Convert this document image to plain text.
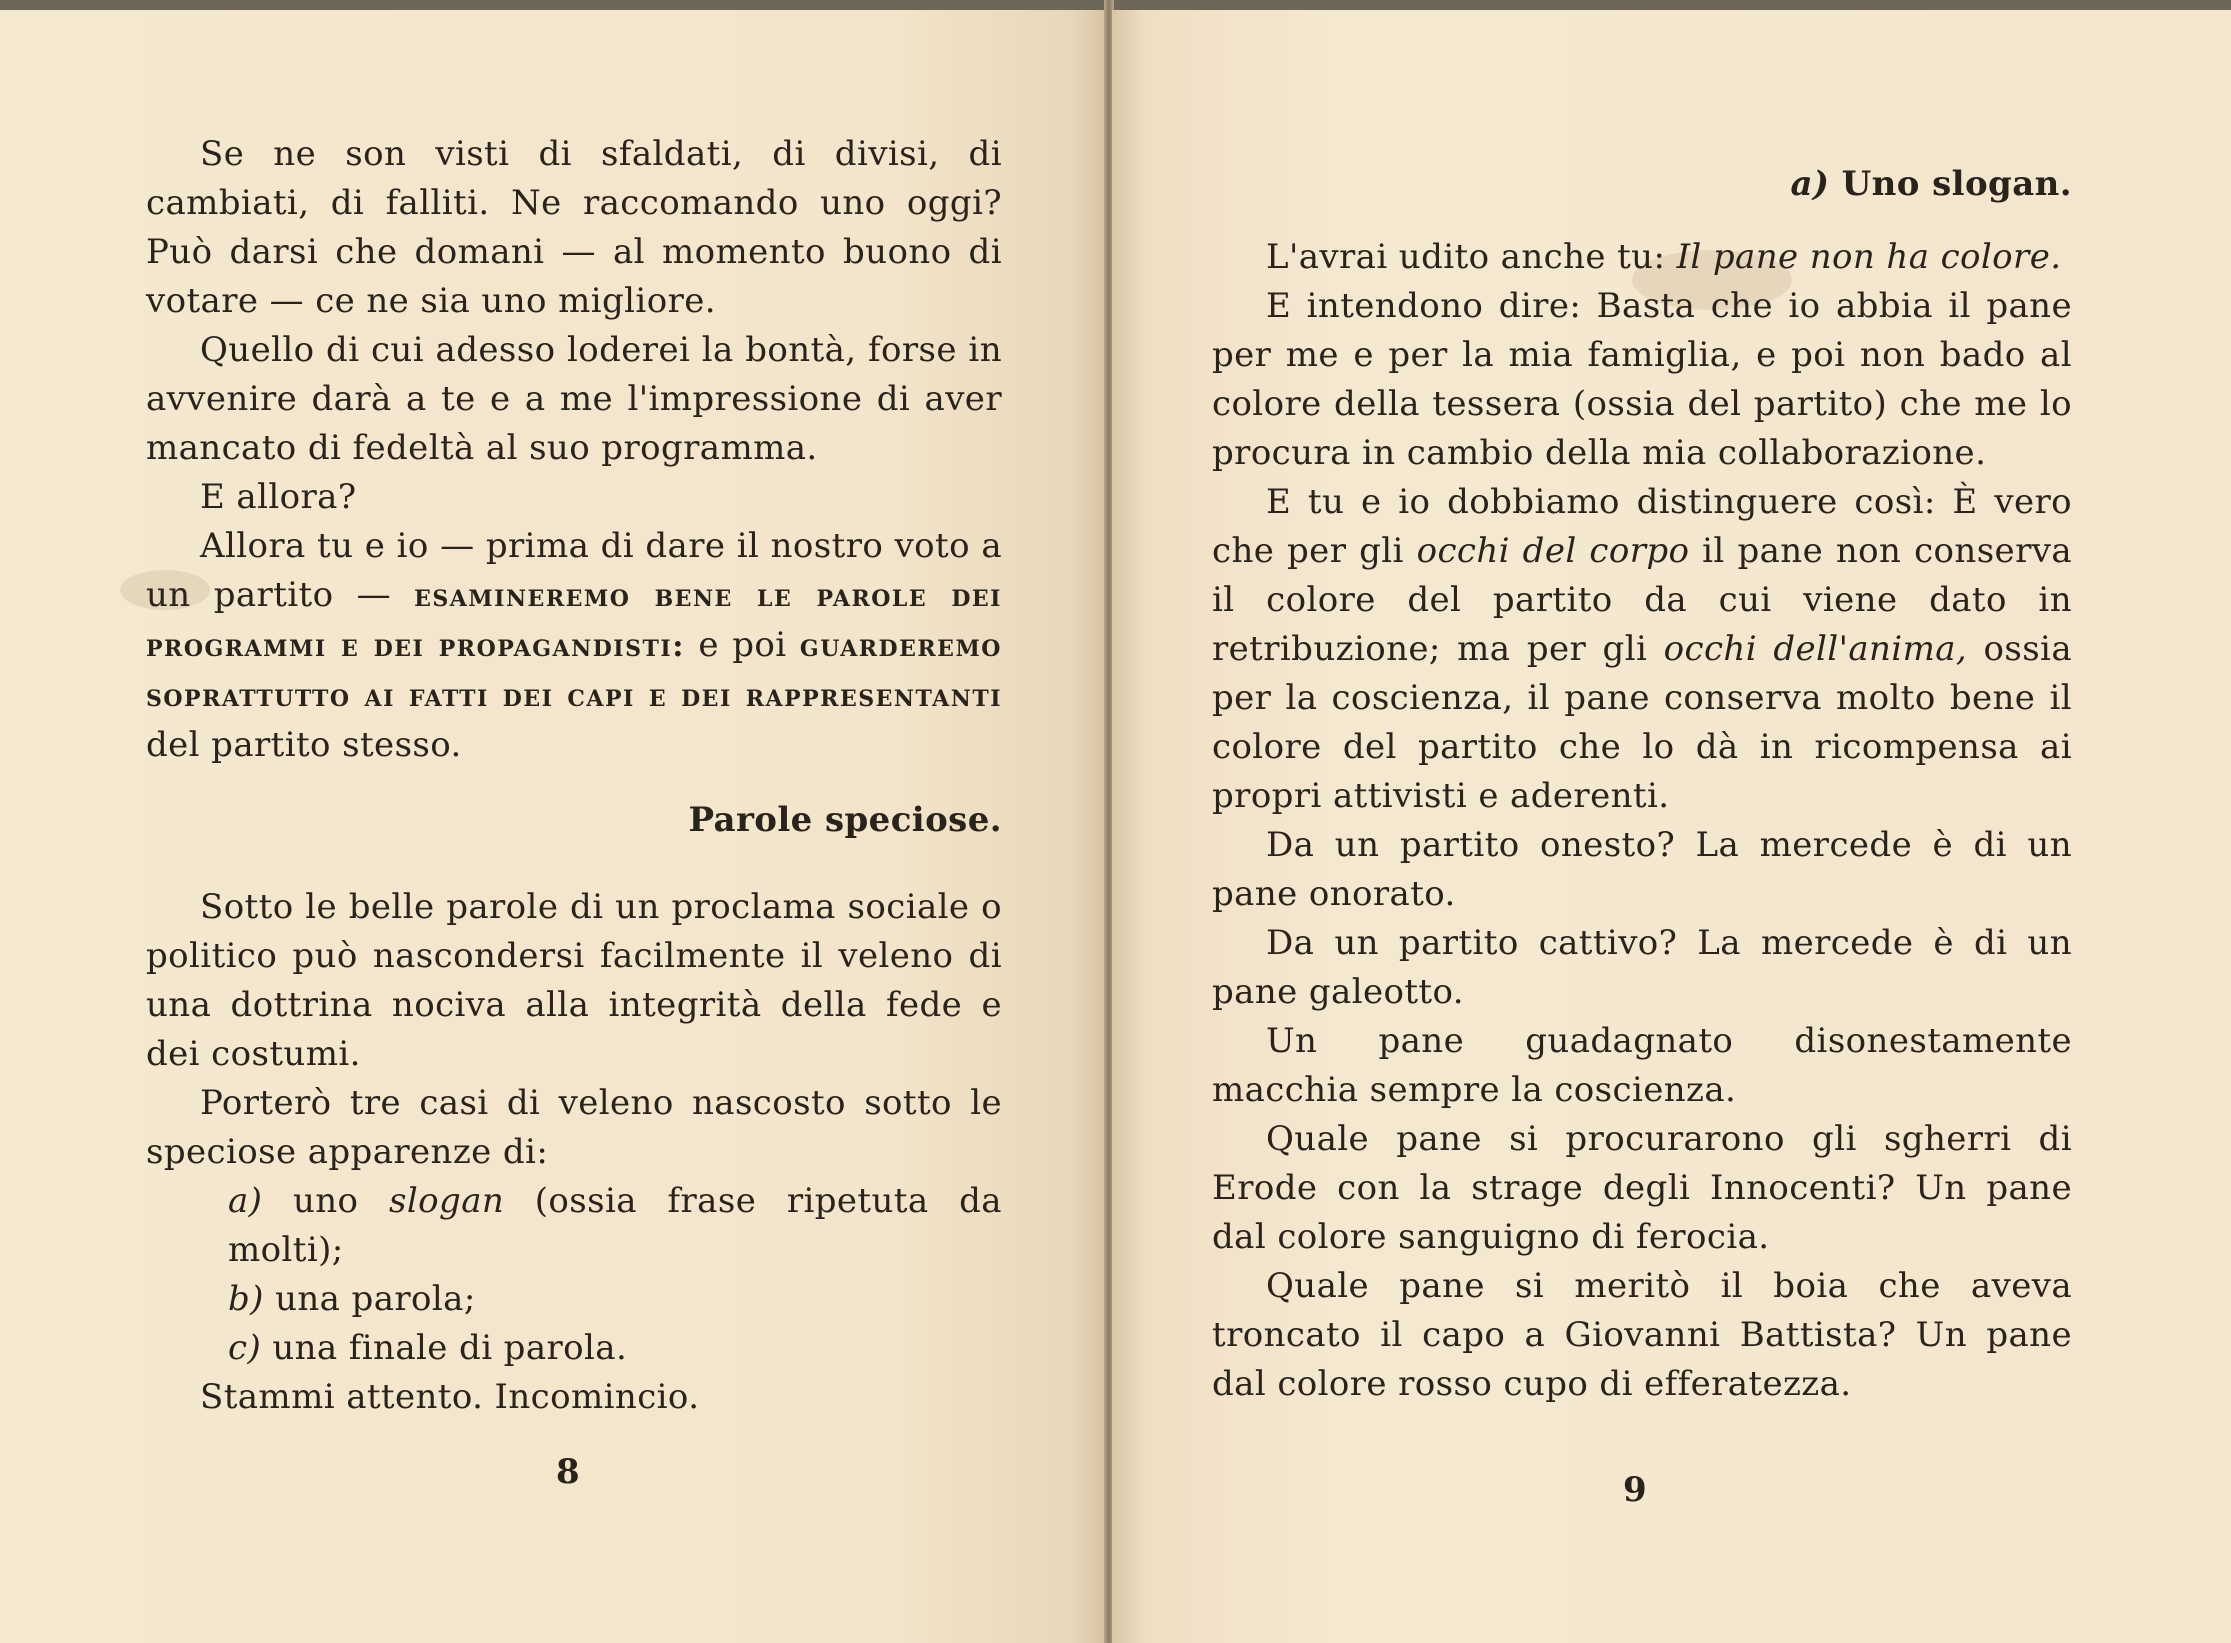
Se ne son visti di sfaldati, di divisi, di cambiati, di falliti. Ne raccomando uno oggi? Può darsi che domani — al momento buono di votare — ce ne sia uno migliore.

Quello di cui adesso loderei la bontà, forse in avvenire darà a te e a me l'impressione di aver mancato di fedeltà al suo programma.

E allora?

Allora tu e io — prima di dare il nostro voto a un partito — esamineremo bene le parole dei programmi e dei propagandisti: e poi guarderemo soprattutto ai fatti dei capi e dei rappresentanti del partito stesso.

Parole speciose.

Sotto le belle parole di un proclama sociale o politico può nascondersi facilmente il veleno di una dottrina nociva alla integrità della fede e dei costumi.

Porterò tre casi di veleno nascosto sotto le speciose apparenze di:

a) uno slogan (ossia frase ripetuta da molti);

b) una parola;

c) una finale di parola.

Stammi attento. Incomincio.

8

a) Uno slogan.

L'avrai udito anche tu: Il pane non ha colore.

E intendono dire: Basta che io abbia il pane per me e per la mia famiglia, e poi non bado al colore della tessera (ossia del partito) che me lo procura in cambio della mia collaborazione.

E tu e io dobbiamo distinguere così: È vero che per gli occhi del corpo il pane non conserva il colore del partito da cui viene dato in retribuzione; ma per gli occhi dell'anima, ossia per la coscienza, il pane conserva molto bene il colore del partito che lo dà in ricompensa ai propri attivisti e aderenti.

Da un partito onesto? La mercede è di un pane onorato.

Da un partito cattivo? La mercede è di un pane galeotto.

Un pane guadagnato disonestamente macchia sempre la coscienza.

Quale pane si procurarono gli sgherri di Erode con la strage degli Innocenti? Un pane dal colore sanguigno di ferocia.

Quale pane si meritò il boia che aveva troncato il capo a Giovanni Battista? Un pane dal colore rosso cupo di efferatezza.

9
